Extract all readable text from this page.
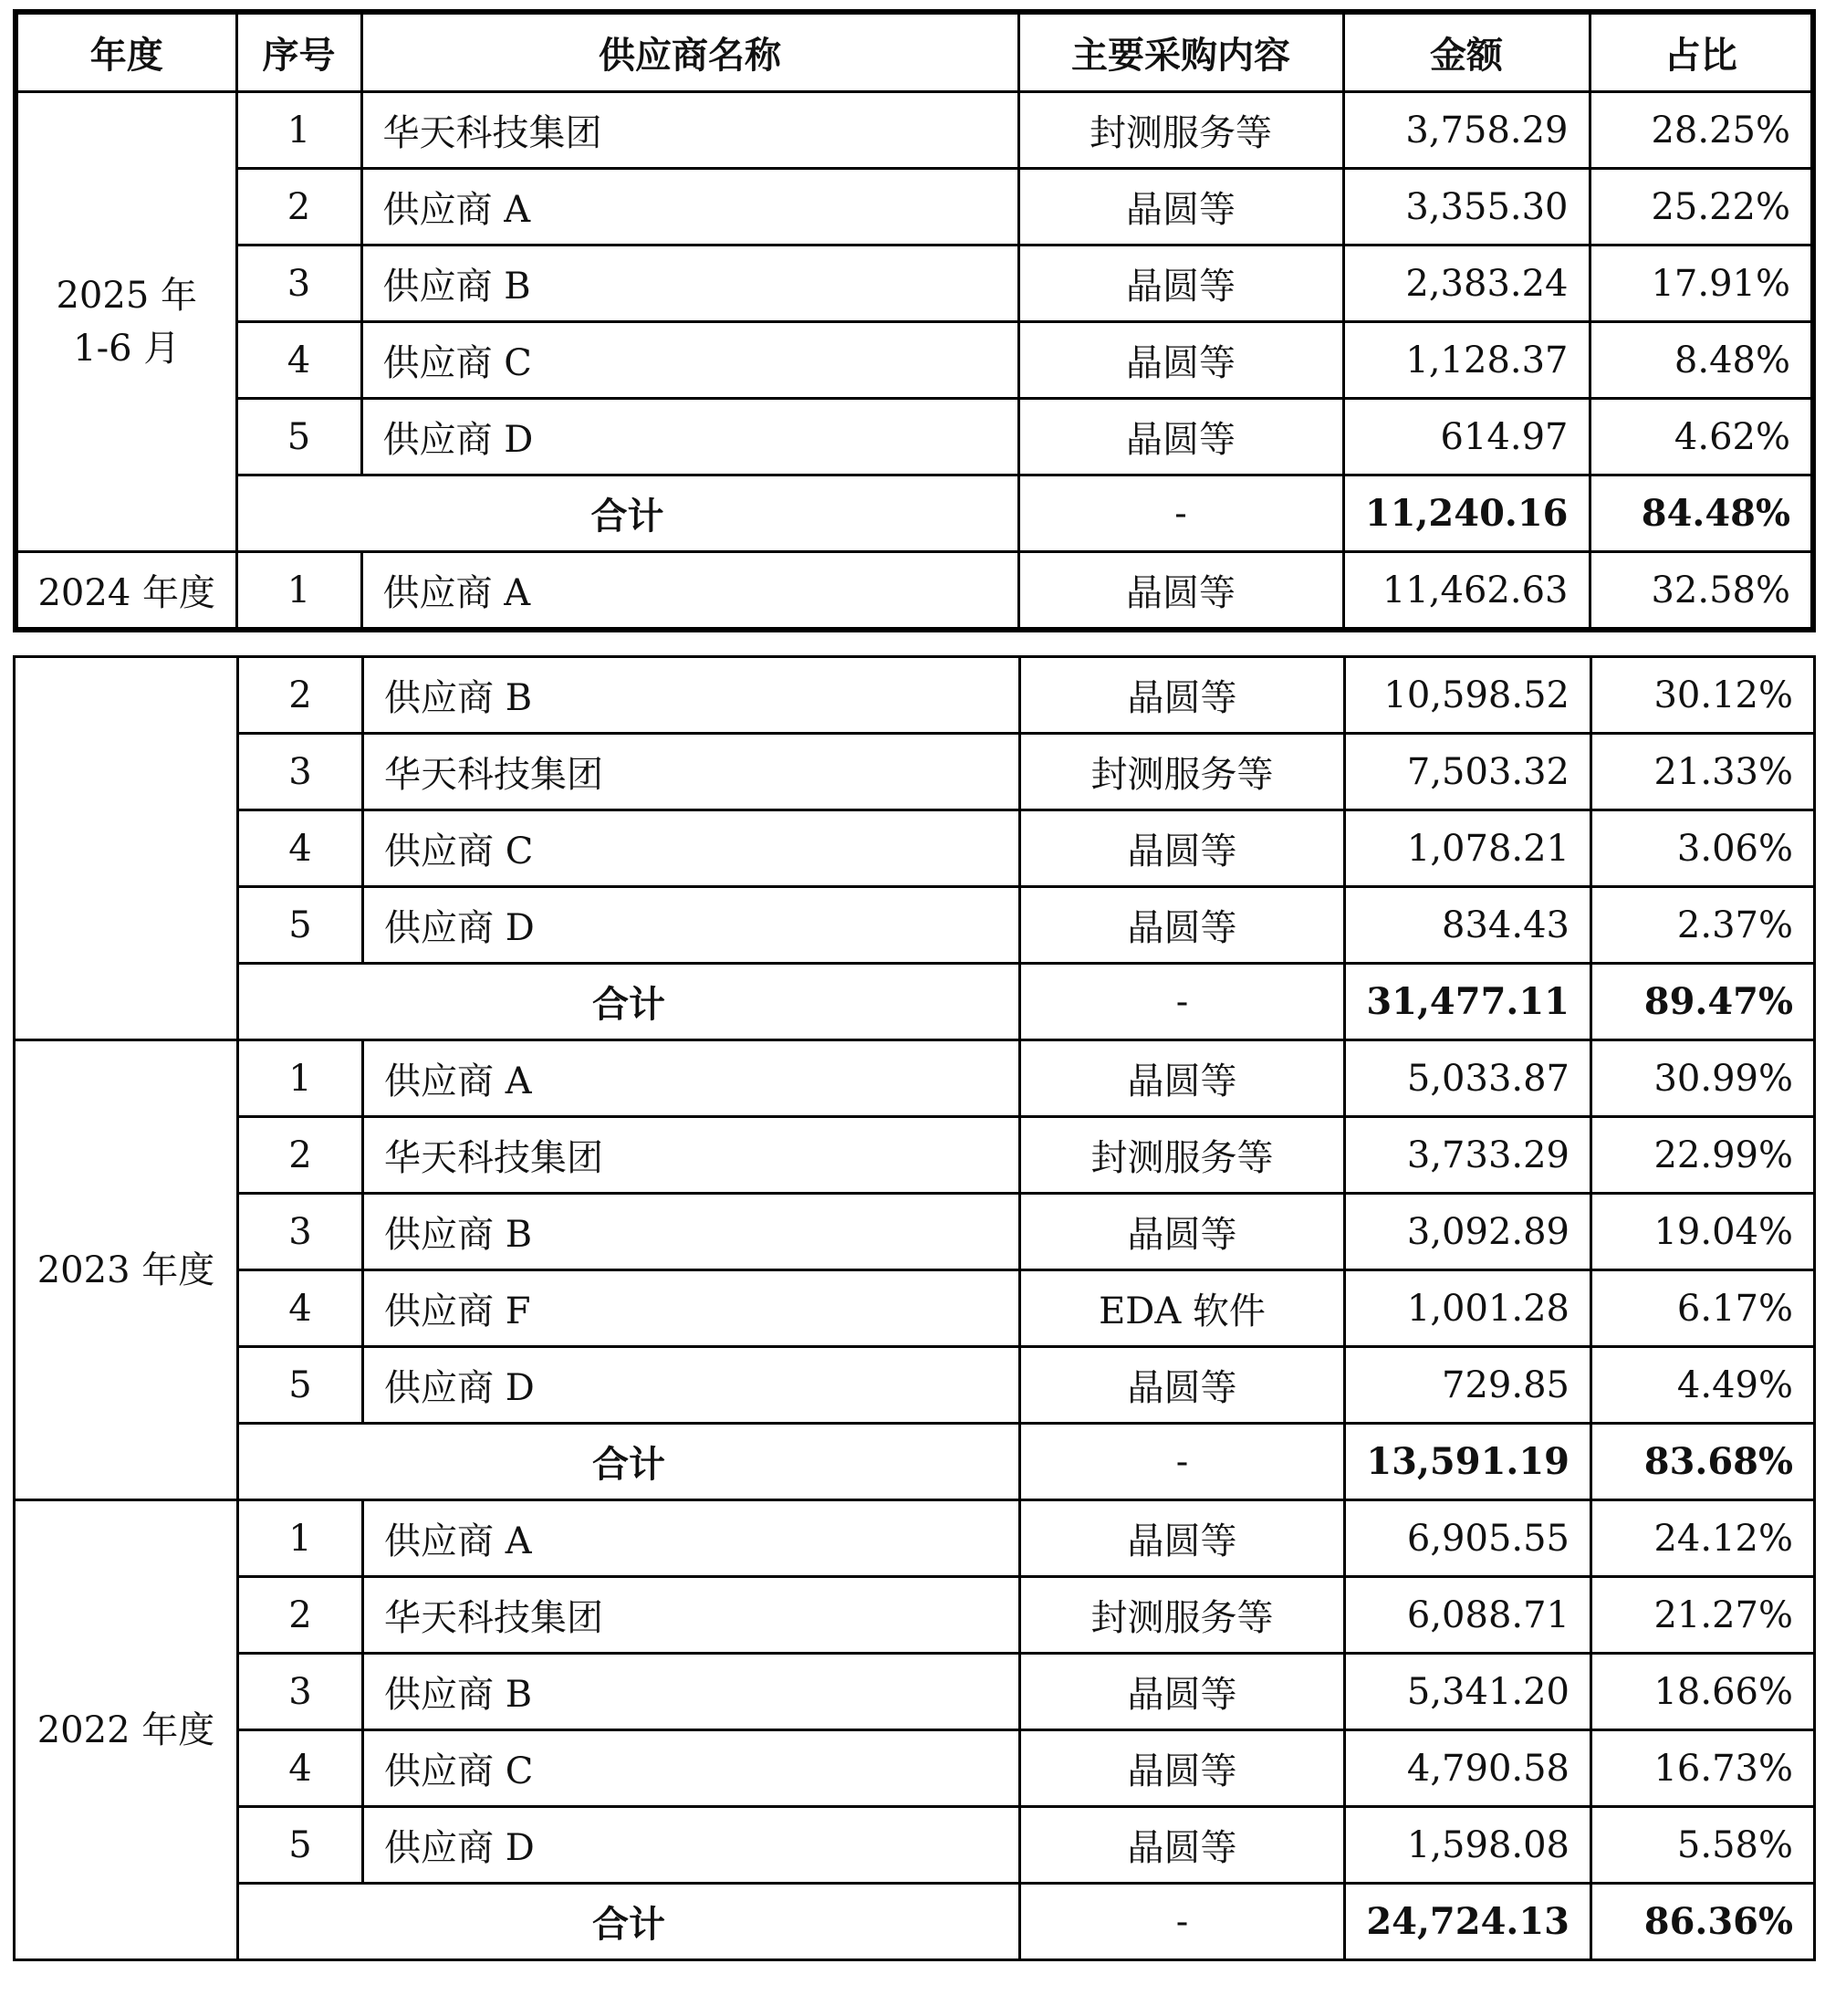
年度	序号	供应商名称	主要采购内容	金额	占比
2025 年
1-6 月	1	华天科技集团	封测服务等	3,758.29	28.25%
	2	供应商 A	晶圆等	3,355.30	25.22%
	3	供应商 B	晶圆等	2,383.24	17.91%
	4	供应商 C	晶圆等	1,128.37	8.48%
	5	供应商 D	晶圆等	614.97	4.62%
	合计		-	11,240.16	84.48%
2024 年度	1	供应商 A	晶圆等	11,462.63	32.58%
	2	供应商 B	晶圆等	10,598.52	30.12%
	3	华天科技集团	封测服务等	7,503.32	21.33%
	4	供应商 C	晶圆等	1,078.21	3.06%
	5	供应商 D	晶圆等	834.43	2.37%
	合计		-	31,477.11	89.47%
2023 年度	1	供应商 A	晶圆等	5,033.87	30.99%
	2	华天科技集团	封测服务等	3,733.29	22.99%
	3	供应商 B	晶圆等	3,092.89	19.04%
	4	供应商 F	EDA 软件	1,001.28	6.17%
	5	供应商 D	晶圆等	729.85	4.49%
	合计		-	13,591.19	83.68%
2022 年度	1	供应商 A	晶圆等	6,905.55	24.12%
	2	华天科技集团	封测服务等	6,088.71	21.27%
	3	供应商 B	晶圆等	5,341.20	18.66%
	4	供应商 C	晶圆等	4,790.58	16.73%
	5	供应商 D	晶圆等	1,598.08	5.58%
	合计		-	24,724.13	86.36%
